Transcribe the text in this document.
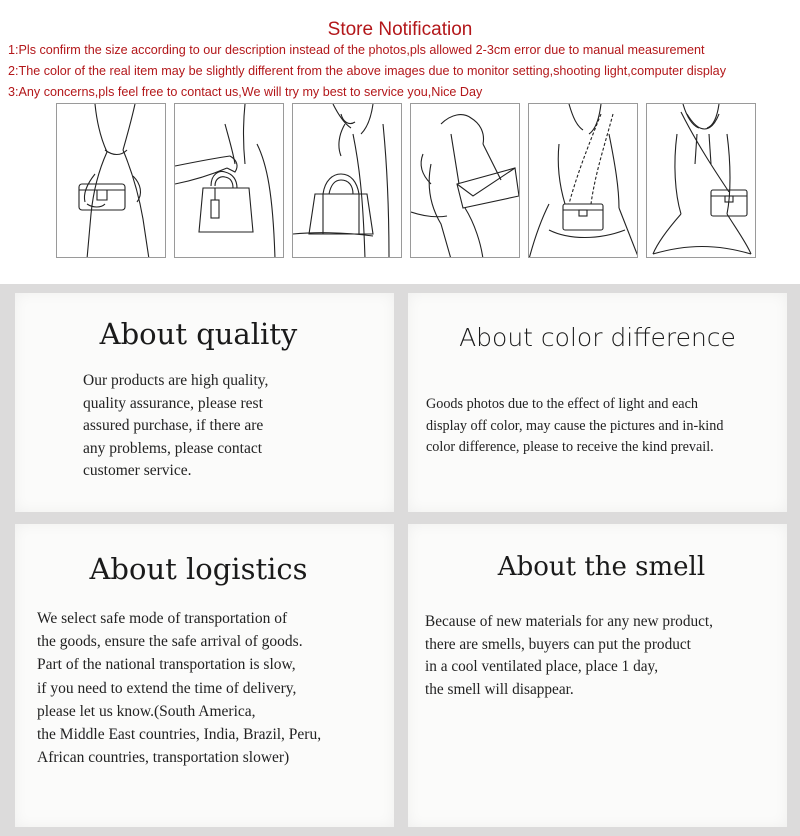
Store Notification
1:Pls confirm the size according to our description instead of the photos,pls allowed 2-3cm error due to manual measurement
2:The color of the real item may be slightly different from the above images due to monitor setting,shooting light,computer display
3:Any concerns,pls feel free to contact us,We will try my best to service you,Nice Day
About quality
Our products are high quality,
quality assurance, please rest
assured purchase, if there are
any problems, please contact
customer service.
About color difference
Goods photos due to the effect of light and each
display off color, may cause the pictures and in-kind
color difference, please to receive the kind prevail.
About logistics
We select safe mode of transportation of
the goods, ensure the safe arrival of goods.
Part of the national transportation is slow,
if you need to extend the time of delivery,
please let us know.(South America,
the Middle East countries, India, Brazil, Peru,
African countries, transportation slower)
About the smell
Because of new materials for any new product,
there are smells, buyers can put the product
in a cool ventilated place, place 1 day,
the smell will disappear.
